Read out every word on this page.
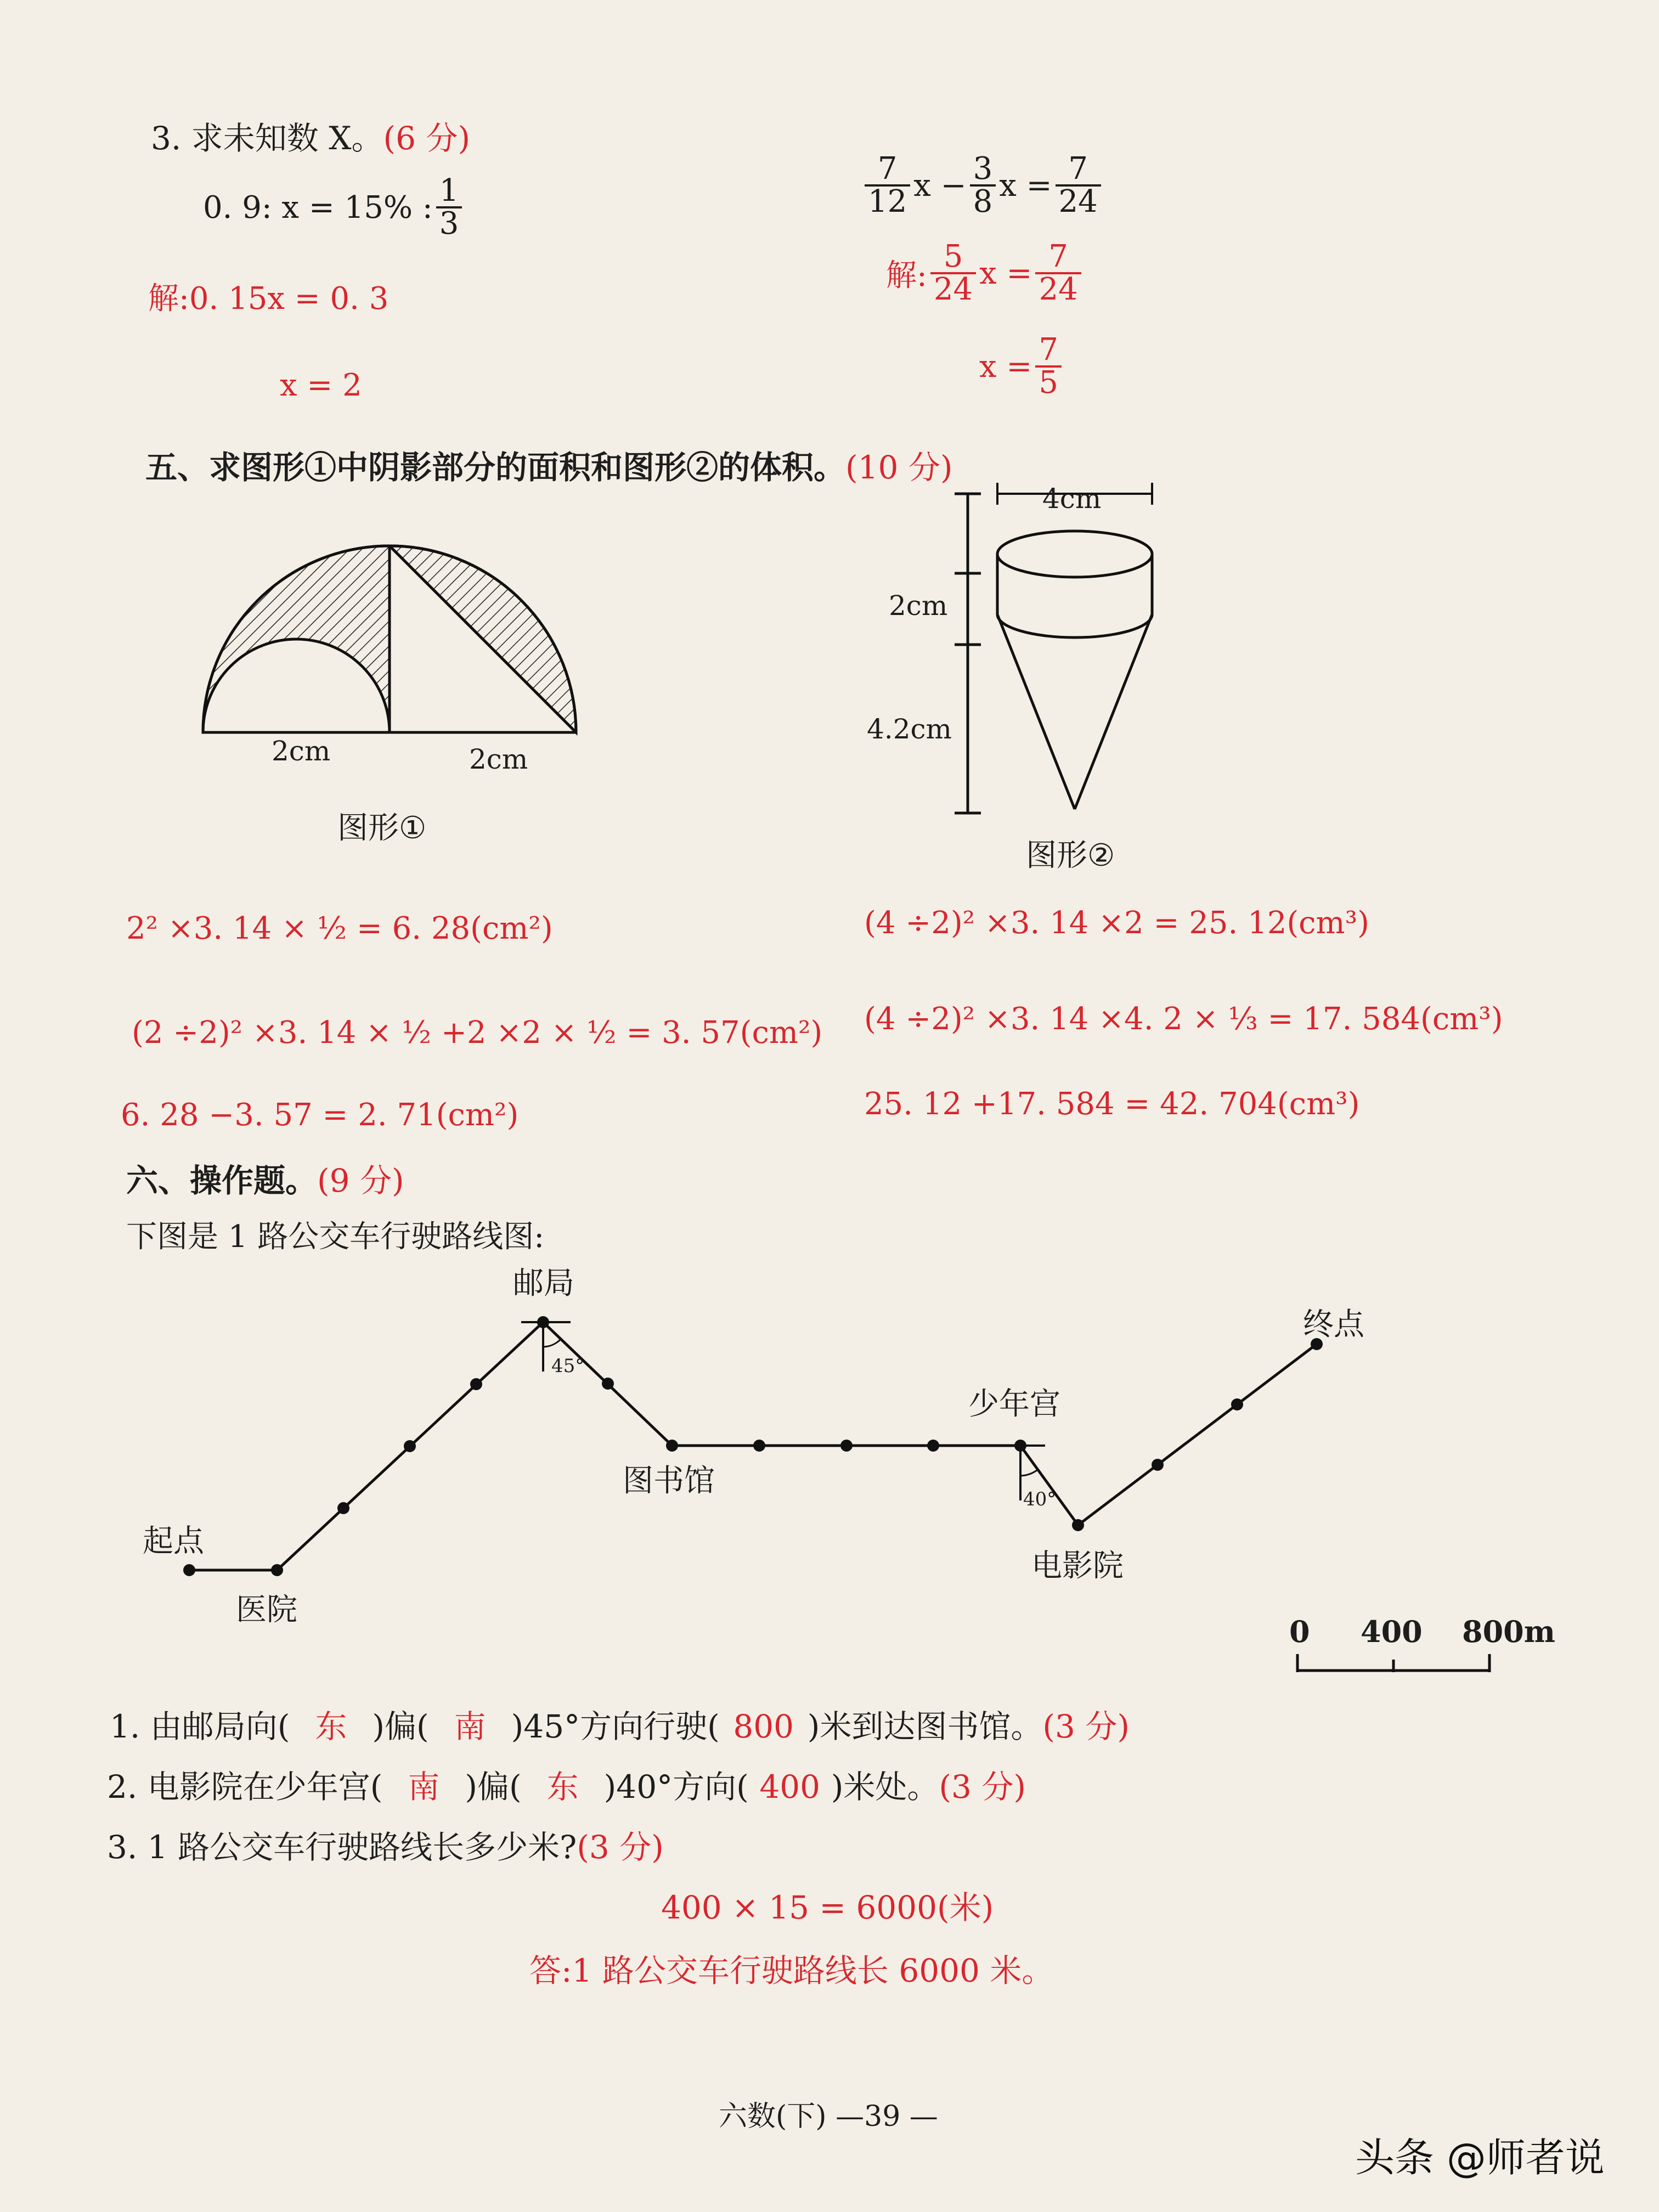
3. 求未知数 X。(6 分)
0. 9: x = 15% : $\frac{1}{3}$
解:0. 15x = 0. 3
x = 2
$\frac{7}{12}$ $x - \frac{3}{8}$ $x = \frac{7}{24}$
解: $\frac{5}{24}$ $x = \frac{7}{24}$
$x = \frac{7}{5}$
五、求图形①中阴影部分的面积和图形②的体积。(10 分)
2cm	2cm
图形①
4cm
2cm
4.2cm
图形②
2² ×3. 14 × ½ = 6. 28(cm²)
(2 ÷2)² ×3. 14 × ½ +2 ×2 × ½ = 3. 57(cm²)
6. 28 −3. 57 = 2. 71(cm²)
(4 ÷2)² ×3. 14 ×2 = 25. 12(cm³)
(4 ÷2)² ×3. 14 ×4. 2 × ⅓ = 17. 584(cm³)
25. 12 +17. 584 = 42. 704(cm³)
六、操作题。(9 分)
下图是 1 路公交车行驶路线图:
邮局
终点
少年宫
图书馆
起点
医院
电影院
45°
40°
0 400 800m
1. 由邮局向( 东 )偏( 南 )45°方向行驶( 800 )米到达图书馆。(3 分)
2. 电影院在少年宫( 南 )偏( 东 )40°方向( 400 )米处。(3 分)
3. 1 路公交车行驶路线长多少米?(3 分)
400 × 15 = 6000(米)
答:1 路公交车行驶路线长 6000 米。
六数(下) —39 —
头条 @师者说
